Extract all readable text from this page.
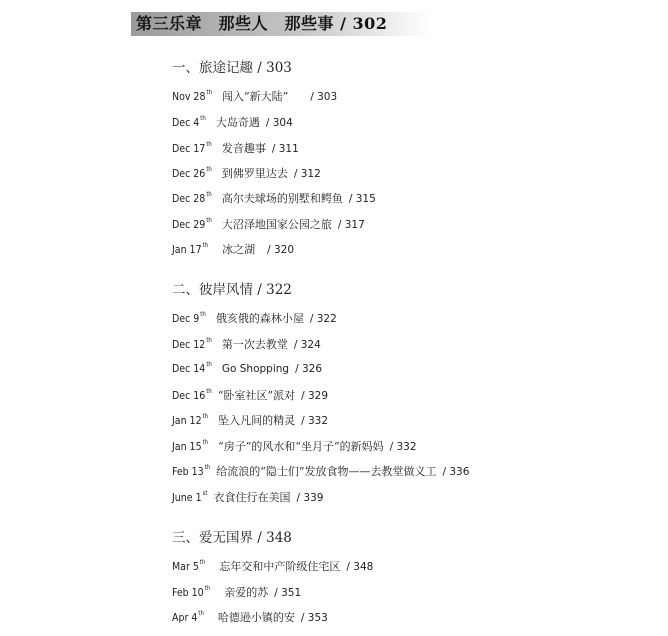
第三乐章　那些人　那些事 / 302
一、旅途记趣 / 303
Nov 28th 闯入“新大陆” / 303
Dec 4th 大岛奇遇 / 304
Dec 17th 发音趣事 / 311
Dec 26th 到佛罗里达去 / 312
Dec 28th 高尔夫球场的别墅和鳄鱼 / 315
Dec 29th 大沼泽地国家公园之旅 / 317
Jan 17th 冰之湖 / 320
二、彼岸风情 / 322
Dec 9th 俄亥俄的森林小屋 / 322
Dec 12th 第一次去教堂 / 324
Dec 14th Go Shopping / 326
Dec 16th “卧室社区”派对 / 329
Jan 12th 坠入凡间的精灵 / 332
Jan 15th “房子”的风水和“坐月子”的新妈妈 / 332
Feb 13th 给流浪的“隐士们”发放食物——去教堂做义工 / 336
June 1st 衣食住行在美国 / 339
三、爱无国界 / 348
Mar 5th 忘年交和中产阶级住宅区 / 348
Feb 10th 亲爱的苏 / 351
Apr 4th 哈德逊小镇的安 / 353
